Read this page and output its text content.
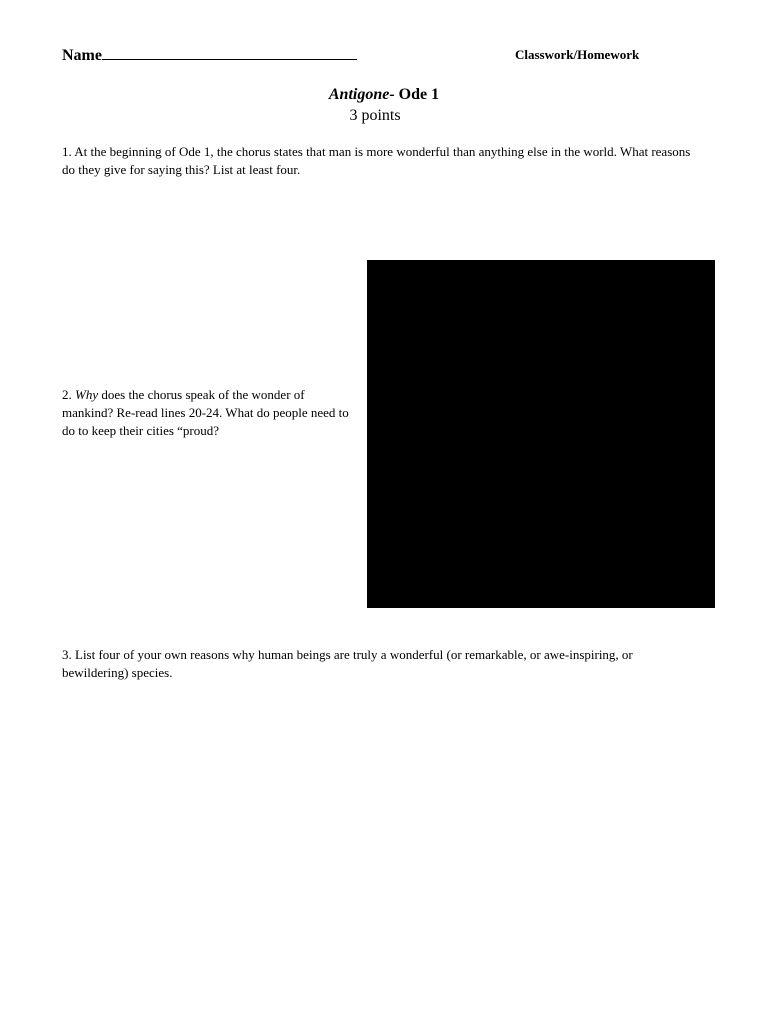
Name	Classwork/Homework
Antigone- Ode 1
3 points
1. At the beginning of Ode 1, the chorus states that man is more wonderful than anything else in the world. What reasons do they give for saying this? List at least four.
2. Why does the chorus speak of the wonder of mankind? Re-read lines 20-24. What do people need to do to keep their cities “proud?
3. List four of your own reasons why human beings are truly a wonderful (or remarkable, or awe-inspiring, or bewildering) species.
